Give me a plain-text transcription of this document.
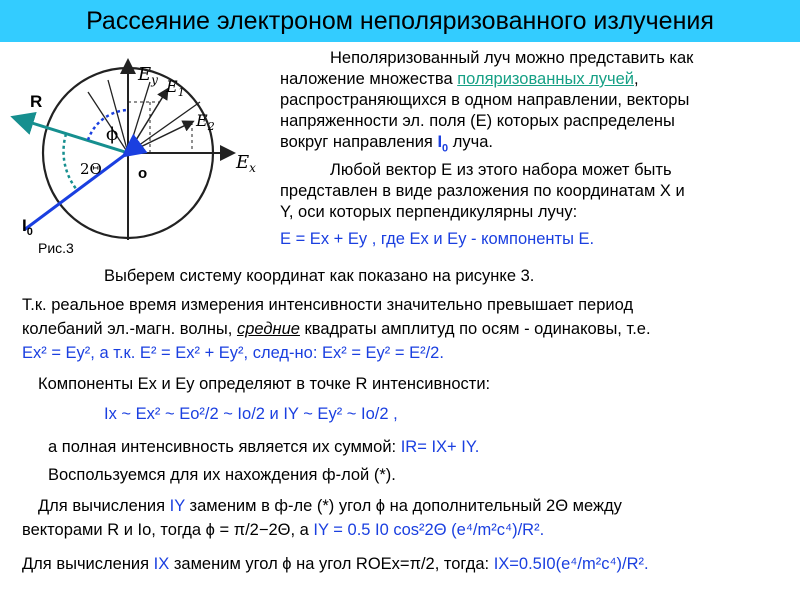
Рассеяние электроном неполяризованного излучения
R
$I_0$
ϕ
2Θ o
$E_y$
$E_x$
$E_1$
$E_2$
Рис.3
Неполяризованный луч можно представить как
наложение множества поляризованных лучей,
распространяющихся в одном направлении, векторы
напряженности эл. поля (Е) которых распределены
вокруг направления $I_0$ луча.
Любой вектор Е из этого набора может быть
представлен в виде разложения по координатам X и
Y, оси которых перпендикулярны лучу:
E = Ex + Ey , где Ex и Ey - компоненты Е.
Выберем систему координат как показано на рисунке 3.
Т.к. реальное время измерения интенсивности значительно превышает период
колебаний эл.-магн. волны, средние квадраты амплитуд по осям - одинаковы, т.е.
Ex² = Ey², а т.к. E² = Ex² + Ey², след-но: Ex² = Ey² = E²/2.
Компоненты Ex и Ey определяют в точке R интенсивности:
Ix ~ Ex² ~ Eo²/2 ~ Io/2 и IY ~ Ey² ~ Io/2 ,
а полная интенсивность является их суммой: IR= IX+ IY.
Воспользуемся для их нахождения ф-лой (*).
Для вычисления IY заменим в ф-ле (*) угол ϕ на дополнительный 2Θ между
векторами R и Io, тогда ϕ = π/2−2Θ, а IY = 0.5 I0 cos²2Θ (e⁴/m²c⁴)/R².
Для вычисления IX заменим угол ϕ на угол ROEx=π/2, тогда: IX=0.5I0(e⁴/m²c⁴)/R².
